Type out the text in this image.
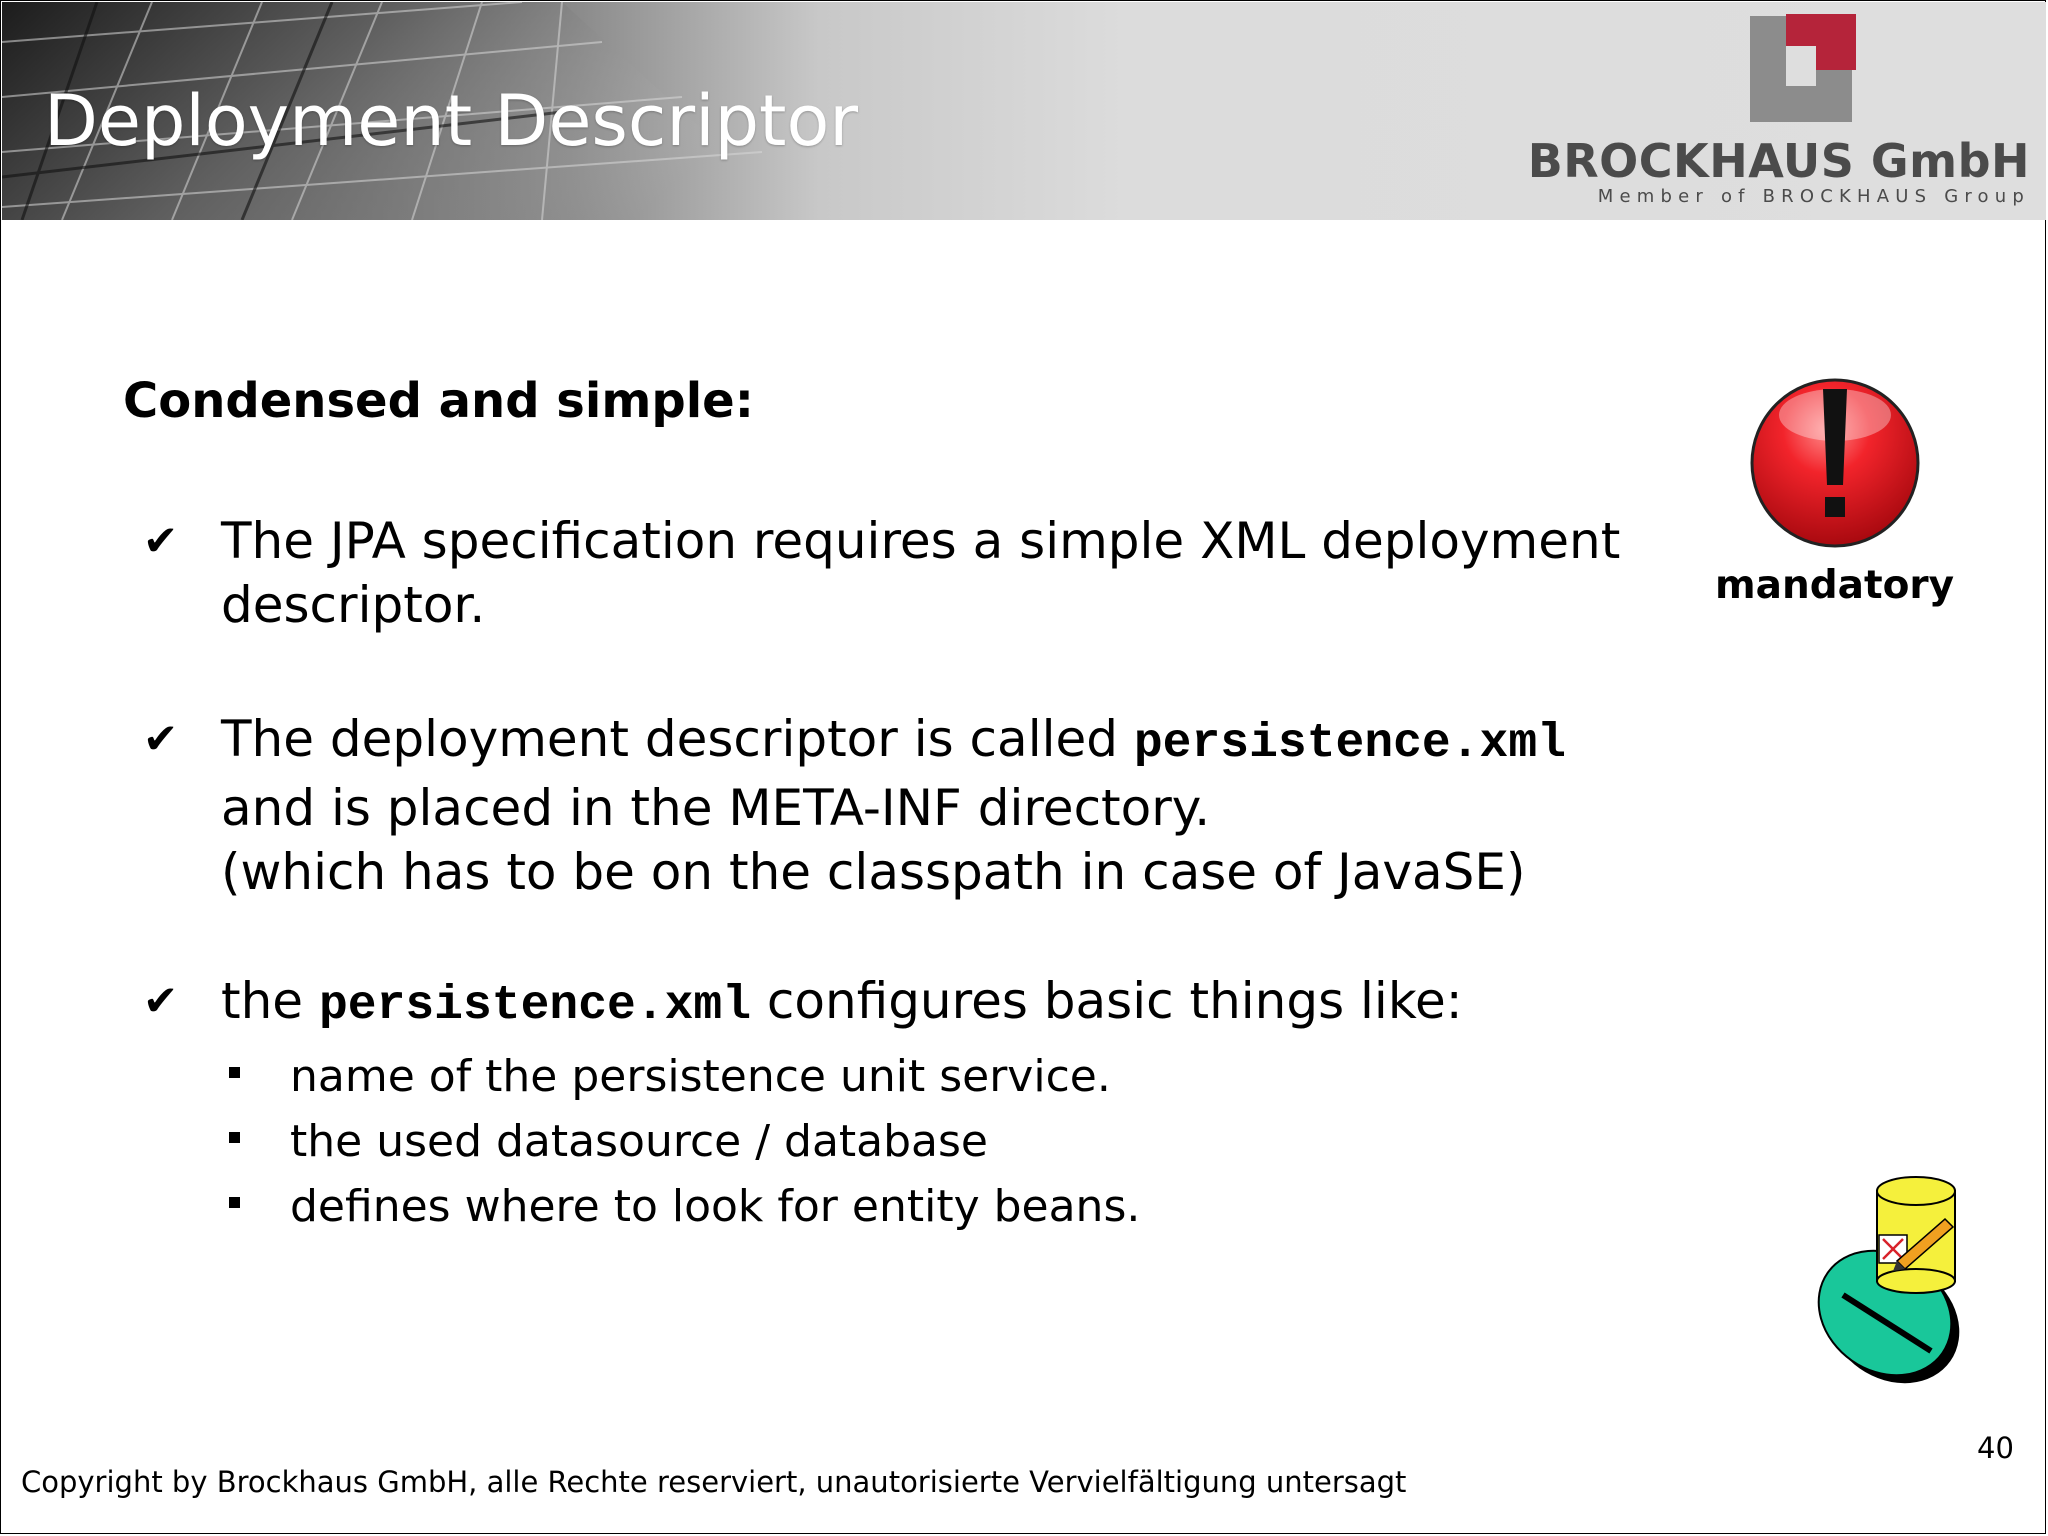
Deployment Descriptor	BROCKHAUS GmbH

Member of BROCKHAUS Group

Condensed and simple:
✔ The JPA specification requires a simple XML deployment
descriptor.

✔ The deployment descriptor is called persistence.xml
and is placed in the META-INF directory.
(which has to be on the classpath in case of JavaSE)

✔ the persistence.xml configures basic things like:

name of the persistence unit service.

the used datasource / database

defines where to look for entity beans.

mandatory

40

Copyright by Brockhaus GmbH, alle Rechte reserviert, unautorisierte Vervielfältigung untersagt
